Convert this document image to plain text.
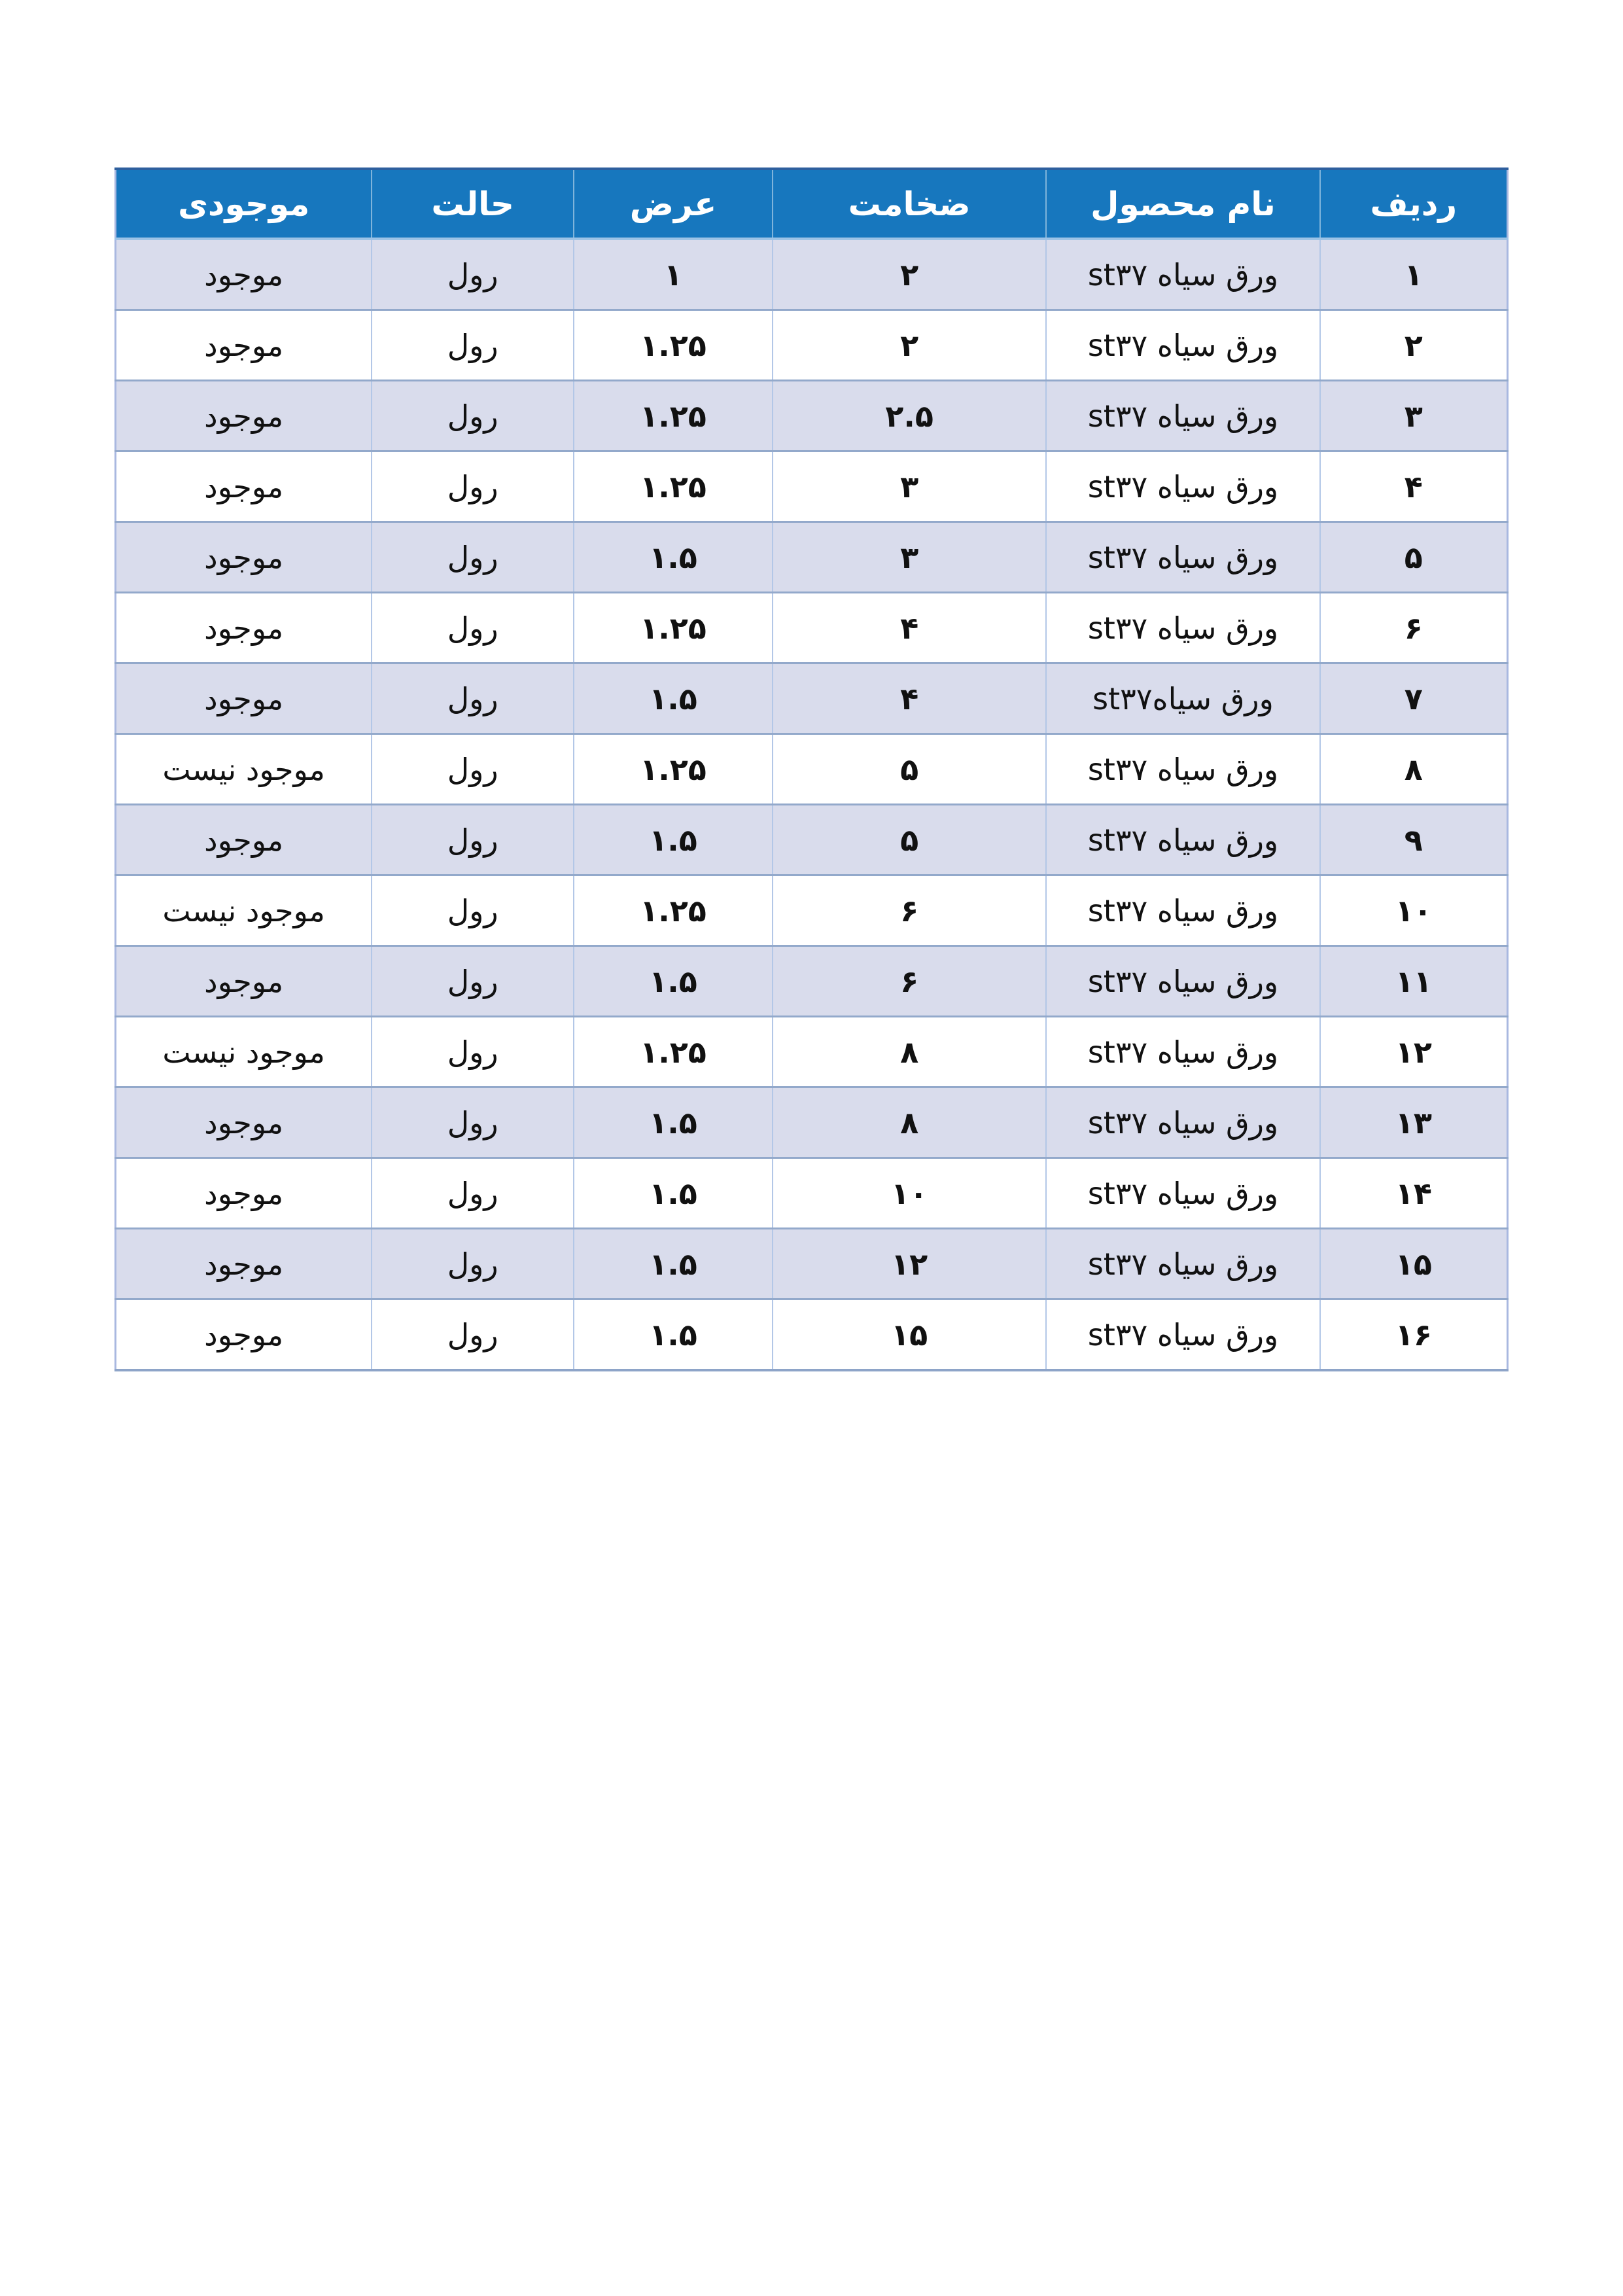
ردیف	نام محصول	ضخامت	عرض	حالت	موجودی
۱	ورق سیاه st۳۷	۲	۱	رول	موجود
۲	ورق سیاه st۳۷	۲	۱.۲۵	رول	موجود
۳	ورق سیاه st۳۷	۲.۵	۱.۲۵	رول	موجود
۴	ورق سیاه st۳۷	۳	۱.۲۵	رول	موجود
۵	ورق سیاه st۳۷	۳	۱.۵	رول	موجود
۶	ورق سیاه st۳۷	۴	۱.۲۵	رول	موجود
۷	ورق سیاهst۳۷	۴	۱.۵	رول	موجود
۸	ورق سیاه st۳۷	۵	۱.۲۵	رول	موجود نیست
۹	ورق سیاه st۳۷	۵	۱.۵	رول	موجود
۱۰	ورق سیاه st۳۷	۶	۱.۲۵	رول	موجود نیست
۱۱	ورق سیاه st۳۷	۶	۱.۵	رول	موجود
۱۲	ورق سیاه st۳۷	۸	۱.۲۵	رول	موجود نیست
۱۳	ورق سیاه st۳۷	۸	۱.۵	رول	موجود
۱۴	ورق سیاه st۳۷	۱۰	۱.۵	رول	موجود
۱۵	ورق سیاه st۳۷	۱۲	۱.۵	رول	موجود
۱۶	ورق سیاه st۳۷	۱۵	۱.۵	رول	موجود
